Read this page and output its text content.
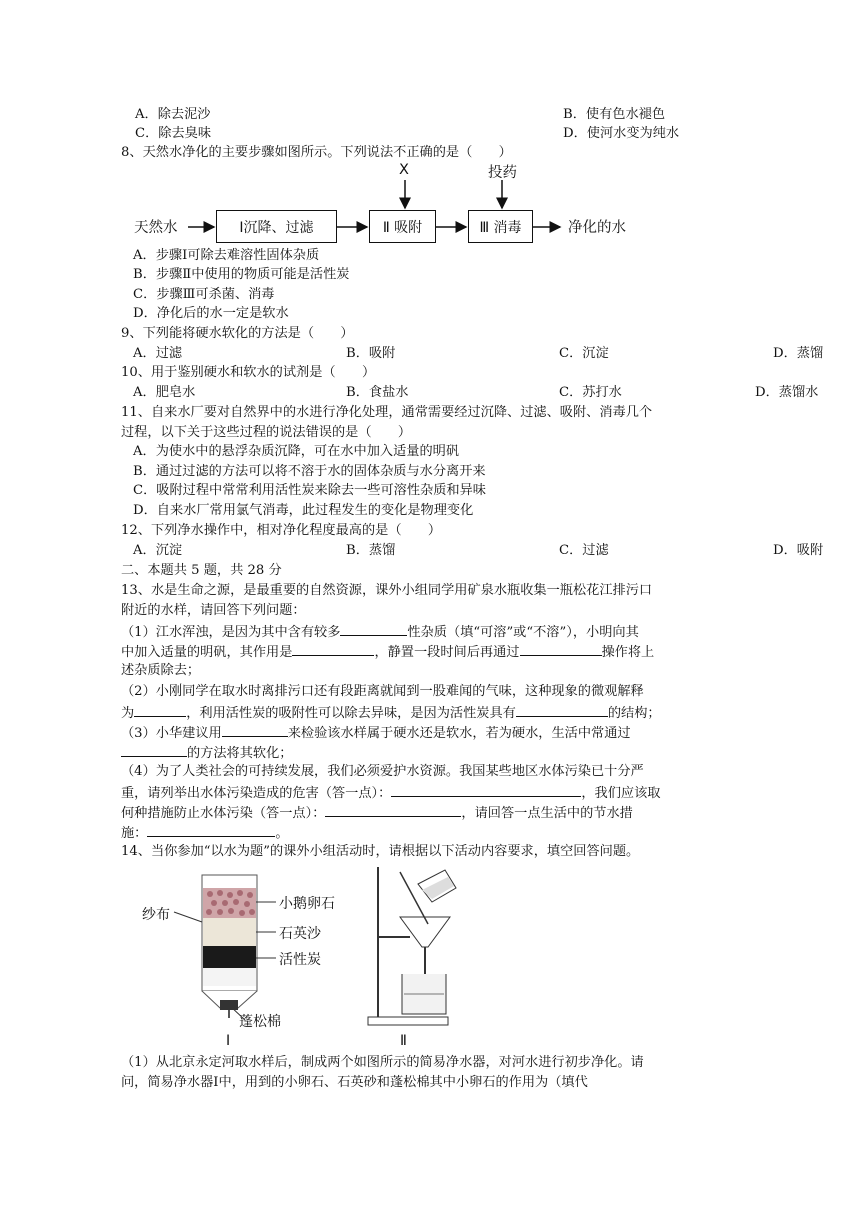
A．除去泥沙	B．使有色水褪色
C．除去臭味	D．使河水变为纯水
8、天然水净化的主要步骤如图所示。下列说法不正确的是（　　）
天然水	Ⅰ沉降、过滤	Ⅱ 吸附	Ⅲ 消毒	净化的水
X	投药
A．步骤Ⅰ可除去难溶性固体杂质
B．步骤Ⅱ中使用的物质可能是活性炭
C．步骤Ⅲ可杀菌、消毒
D．净化后的水一定是软水
9、下列能将硬水软化的方法是（　　）
A．过滤	B．吸附	C．沉淀	D．蒸馏
10、用于鉴别硬水和软水的试剂是（　　）
A．肥皂水	B．食盐水	C．苏打水	D．蒸馏水
11、自来水厂要对自然界中的水进行净化处理，通常需要经过沉降、过滤、吸附、消毒几个
过程，以下关于这些过程的说法错误的是（　　）
A．为使水中的悬浮杂质沉降，可在水中加入适量的明矾
B．通过过滤的方法可以将不溶于水的固体杂质与水分离开来
C．吸附过程中常常利用活性炭来除去一些可溶性杂质和异味
D．自来水厂常用氯气消毒，此过程发生的变化是物理变化
12、下列净水操作中，相对净化程度最高的是（　　）
A．沉淀	B．蒸馏	C．过滤	D．吸附
二、本题共 5 题，共 28 分
13、水是生命之源，是最重要的自然资源，课外小组同学用矿泉水瓶收集一瓶松花江排污口
附近的水样，请回答下列问题：
（1）江水浑浊，是因为其中含有较多	性杂质（填“可溶”或“不溶”），小明向其
中加入适量的明矾，其作用是	，静置一段时间后再通过	操作将上
述杂质除去；
（2）小刚同学在取水时离排污口还有段距离就闻到一股难闻的气味，这种现象的微观解释
为	，利用活性炭的吸附性可以除去异味，是因为活性炭具有	的结构；
（3）小华建议用	来检验该水样属于硬水还是软水，若为硬水，生活中常通过
的方法将其软化；
（4）为了人类社会的可持续发展，我们必须爱护水资源。我国某些地区水体污染已十分严
重，请列举出水体污染造成的危害（答一点）：	，我们应该取
何种措施防止水体污染（答一点）：	，请回答一点生活中的节水措
施：	。
14、当你参加“以水为题”的课外小组活动时，请根据以下活动内容要求，填空回答问题。
纱布
小鹅卵石
石英沙
活性炭
蓬松棉
Ⅰ	Ⅱ
（1）从北京永定河取水样后，制成两个如图所示的简易净水器，对河水进行初步净化。请
问，简易净水器Ⅰ中，用到的小卵石、石英砂和蓬松棉其中小卵石的作用为（填代
